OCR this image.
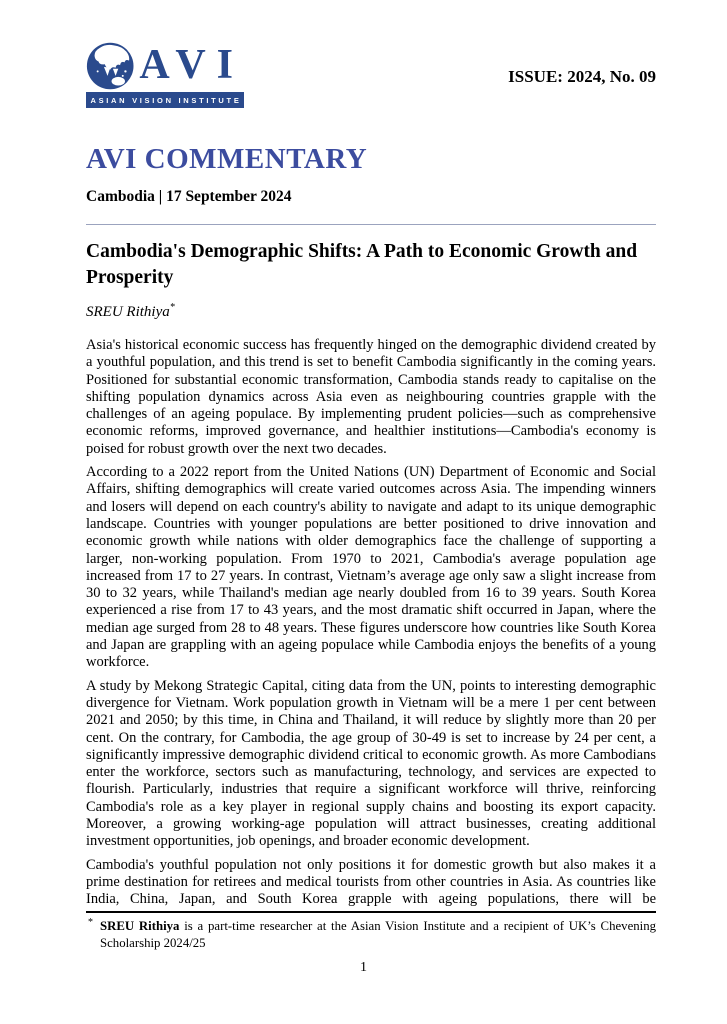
AVI
ASIAN VISION INSTITUTE
ISSUE: 2024, No. 09
AVI COMMENTARY
Cambodia | 17 September 2024
Cambodia's Demographic Shifts: A Path to Economic Growth and Prosperity
SREU Rithiya*

Asia's historical economic success has frequently hinged on the demographic dividend created by a youthful population, and this trend is set to benefit Cambodia significantly in the coming years. Positioned for substantial economic transformation, Cambodia stands ready to capitalise on the shifting population dynamics across Asia even as neighbouring countries grapple with the challenges of an ageing populace. By implementing prudent policies—such as comprehensive economic reforms, improved governance, and healthier institutions—Cambodia's economy is poised for robust growth over the next two decades.

According to a 2022 report from the United Nations (UN) Department of Economic and Social Affairs, shifting demographics will create varied outcomes across Asia. The impending winners and losers will depend on each country's ability to navigate and adapt to its unique demographic landscape. Countries with younger populations are better positioned to drive innovation and economic growth while nations with older demographics face the challenge of supporting a larger, non-working population. From 1970 to 2021, Cambodia's average population age increased from 17 to 27 years. In contrast, Vietnam’s average age only saw a slight increase from 30 to 32 years, while Thailand's median age nearly doubled from 16 to 39 years. South Korea experienced a rise from 17 to 43 years, and the most dramatic shift occurred in Japan, where the median age surged from 28 to 48 years. These figures underscore how countries like South Korea and Japan are grappling with an ageing populace while Cambodia enjoys the benefits of a young workforce.

A study by Mekong Strategic Capital, citing data from the UN, points to interesting demographic divergence for Vietnam. Work population growth in Vietnam will be a mere 1 per cent between 2021 and 2050; by this time, in China and Thailand, it will reduce by slightly more than 20 per cent. On the contrary, for Cambodia, the age group of 30-49 is set to increase by 24 per cent, a significantly impressive demographic dividend critical to economic growth. As more Cambodians enter the workforce, sectors such as manufacturing, technology, and services are expected to flourish. Particularly, industries that require a significant workforce will thrive, reinforcing Cambodia's role as a key player in regional supply chains and boosting its export capacity. Moreover, a growing working-age population will attract businesses, creating additional investment opportunities, job openings, and broader economic development.

Cambodia's youthful population not only positions it for domestic growth but also makes it a prime destination for retirees and medical tourists from other countries in Asia. As countries like India, China, Japan, and South Korea grapple with ageing populations, there will be

* SREU Rithiya is a part-time researcher at the Asian Vision Institute and a recipient of UK’s Chevening Scholarship 2024/25
1
